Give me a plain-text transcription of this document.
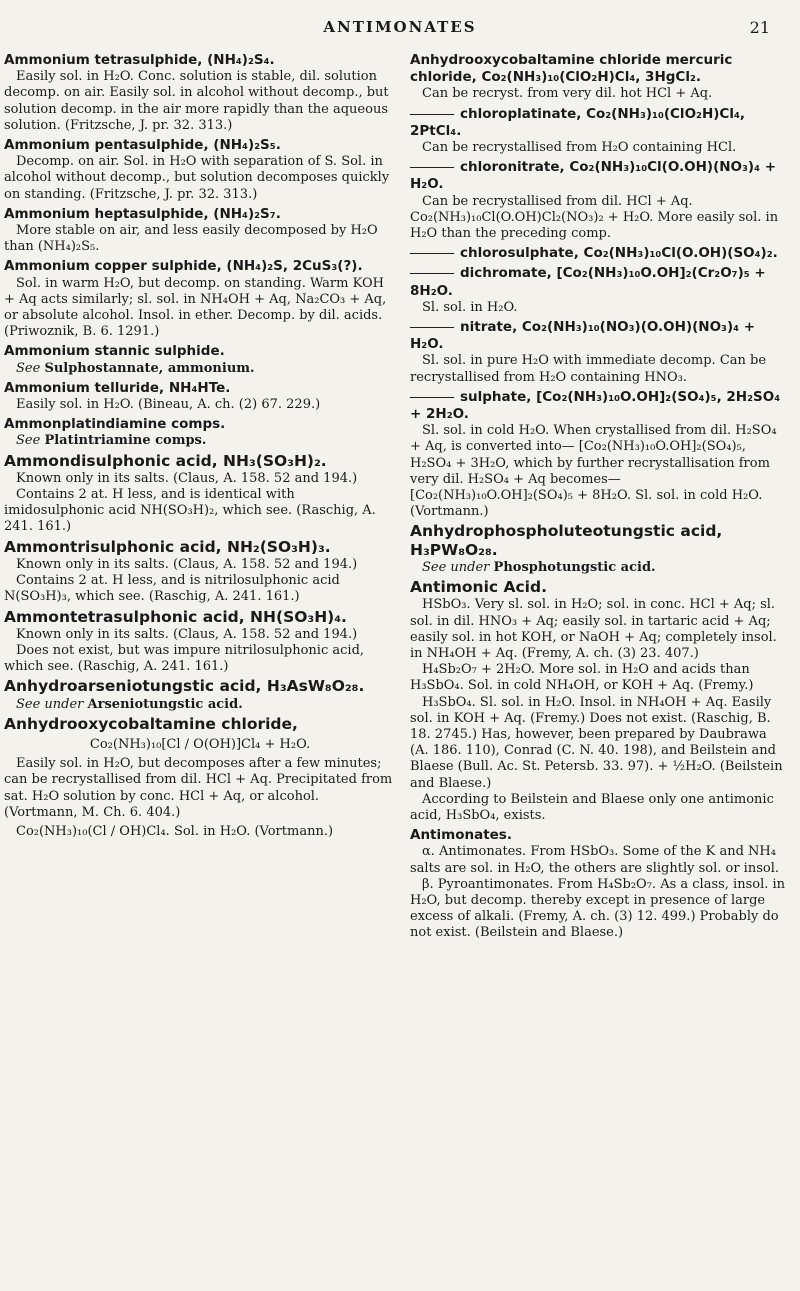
ANTIMONATES	21
Ammonium tetrasulphide, (NH₄)₂S₄.
Easily sol. in H₂O. Conc. solution is stable, dil. solution decomp. on air. Easily sol. in alcohol without decomp., but solution decomp. in the air more rapidly than the aqueous solution. (Fritzsche, J. pr. 32. 313.)
Ammonium pentasulphide, (NH₄)₂S₅.
Decomp. on air. Sol. in H₂O with separation of S. Sol. in alcohol without decomp., but solution decomposes quickly on standing. (Fritzsche, J. pr. 32. 313.)
Ammonium heptasulphide, (NH₄)₂S₇.
More stable on air, and less easily decomposed by H₂O than (NH₄)₂S₅.
Ammonium copper sulphide, (NH₄)₂S, 2CuS₃(?).
Sol. in warm H₂O, but decomp. on standing. Warm KOH + Aq acts similarly; sl. sol. in NH₄OH + Aq, Na₂CO₃ + Aq, or absolute alcohol. Insol. in ether. Decomp. by dil. acids. (Priwoznik, B. 6. 1291.)
Ammonium stannic sulphide.
See Sulphostannate, ammonium.
Ammonium telluride, NH₄HTe.
Easily sol. in H₂O. (Bineau, A. ch. (2) 67. 229.)
Ammonplatindiamine comps.
See Platintriamine comps.
Ammondisulphonic acid, NH₃(SO₃H)₂.
Known only in its salts. (Claus, A. 158. 52 and 194.)
Contains 2 at. H less, and is identical with imidosulphonic acid NH(SO₃H)₂, which see. (Raschig, A. 241. 161.)
Ammontrisulphonic acid, NH₂(SO₃H)₃.
Known only in its salts. (Claus, A. 158. 52 and 194.)
Contains 2 at. H less, and is nitrilosulphonic acid N(SO₃H)₃, which see. (Raschig, A. 241. 161.)
Ammontetrasulphonic acid, NH(SO₃H)₄.
Known only in its salts. (Claus, A. 158. 52 and 194.)
Does not exist, but was impure nitrilosulphonic acid, which see. (Raschig, A. 241. 161.)
Anhydroarseniotungstic acid, H₃AsW₈O₂₈.
See under Arseniotungstic acid.
Anhydrooxycobaltamine chloride,
Co₂(NH₃)₁₀[Cl / O(OH)]Cl₄ + H₂O.
Easily sol. in H₂O, but decomposes after a few minutes; can be recrystallised from dil. HCl + Aq. Precipitated from sat. H₂O solution by conc. HCl + Aq, or alcohol. (Vortmann, M. Ch. 6. 404.)
Co₂(NH₃)₁₀(Cl / OH)Cl₄. Sol. in H₂O. (Vortmann.)
Anhydrooxycobaltamine chloride mercuric chloride, Co₂(NH₃)₁₀(ClO₂H)Cl₄, 3HgCl₂.
Can be recryst. from very dil. hot HCl + Aq.
chloroplatinate, Co₂(NH₃)₁₀(ClO₂H)Cl₄, 2PtCl₄.
Can be recrystallised from H₂O containing HCl.
chloronitrate, Co₂(NH₃)₁₀Cl(O.OH)(NO₃)₄ + H₂O.
Can be recrystallised from dil. HCl + Aq. Co₂(NH₃)₁₀Cl(O.OH)Cl₂(NO₃)₂ + H₂O. More easily sol. in H₂O than the preceding comp.
chlorosulphate, Co₂(NH₃)₁₀Cl(O.OH)(SO₄)₂.
dichromate, [Co₂(NH₃)₁₀O.OH]₂(Cr₂O₇)₅ + 8H₂O.
Sl. sol. in H₂O.
nitrate, Co₂(NH₃)₁₀(NO₃)(O.OH)(NO₃)₄ + H₂O.
Sl. sol. in pure H₂O with immediate decomp. Can be recrystallised from H₂O containing HNO₃.
sulphate, [Co₂(NH₃)₁₀O.OH]₂(SO₄)₅, 2H₂SO₄ + 2H₂O.
Sl. sol. in cold H₂O. When crystallised from dil. H₂SO₄ + Aq, is converted into— [Co₂(NH₃)₁₀O.OH]₂(SO₄)₅, H₂SO₄ + 3H₂O, which by further recrystallisation from very dil. H₂SO₄ + Aq becomes— [Co₂(NH₃)₁₀O.OH]₂(SO₄)₅ + 8H₂O. Sl. sol. in cold H₂O. (Vortmann.)
Anhydrophospholuteotungstic acid, H₃PW₈O₂₈.
See under Phosphotungstic acid.
Antimonic Acid.
HSbO₃. Very sl. sol. in H₂O; sol. in conc. HCl + Aq; sl. sol. in dil. HNO₃ + Aq; easily sol. in tartaric acid + Aq; easily sol. in hot KOH, or NaOH + Aq; completely insol. in NH₄OH + Aq. (Fremy, A. ch. (3) 23. 407.)
H₄Sb₂O₇ + 2H₂O. More sol. in H₂O and acids than H₃SbO₄. Sol. in cold NH₄OH, or KOH + Aq. (Fremy.)
H₃SbO₄. Sl. sol. in H₂O. Insol. in NH₄OH + Aq. Easily sol. in KOH + Aq. (Fremy.) Does not exist. (Raschig, B. 18. 2745.) Has, however, been prepared by Daubrawa (A. 186. 110), Conrad (C. N. 40. 198), and Beilstein and Blaese (Bull. Ac. St. Petersb. 33. 97). + ½H₂O. (Beilstein and Blaese.)
According to Beilstein and Blaese only one antimonic acid, H₃SbO₄, exists.
Antimonates.
α. Antimonates. From HSbO₃. Some of the K and NH₄ salts are sol. in H₂O, the others are slightly sol. or insol.
β. Pyroantimonates. From H₄Sb₂O₇. As a class, insol. in H₂O, but decomp. thereby except in presence of large excess of alkali. (Fremy, A. ch. (3) 12. 499.) Probably do not exist. (Beilstein and Blaese.)
